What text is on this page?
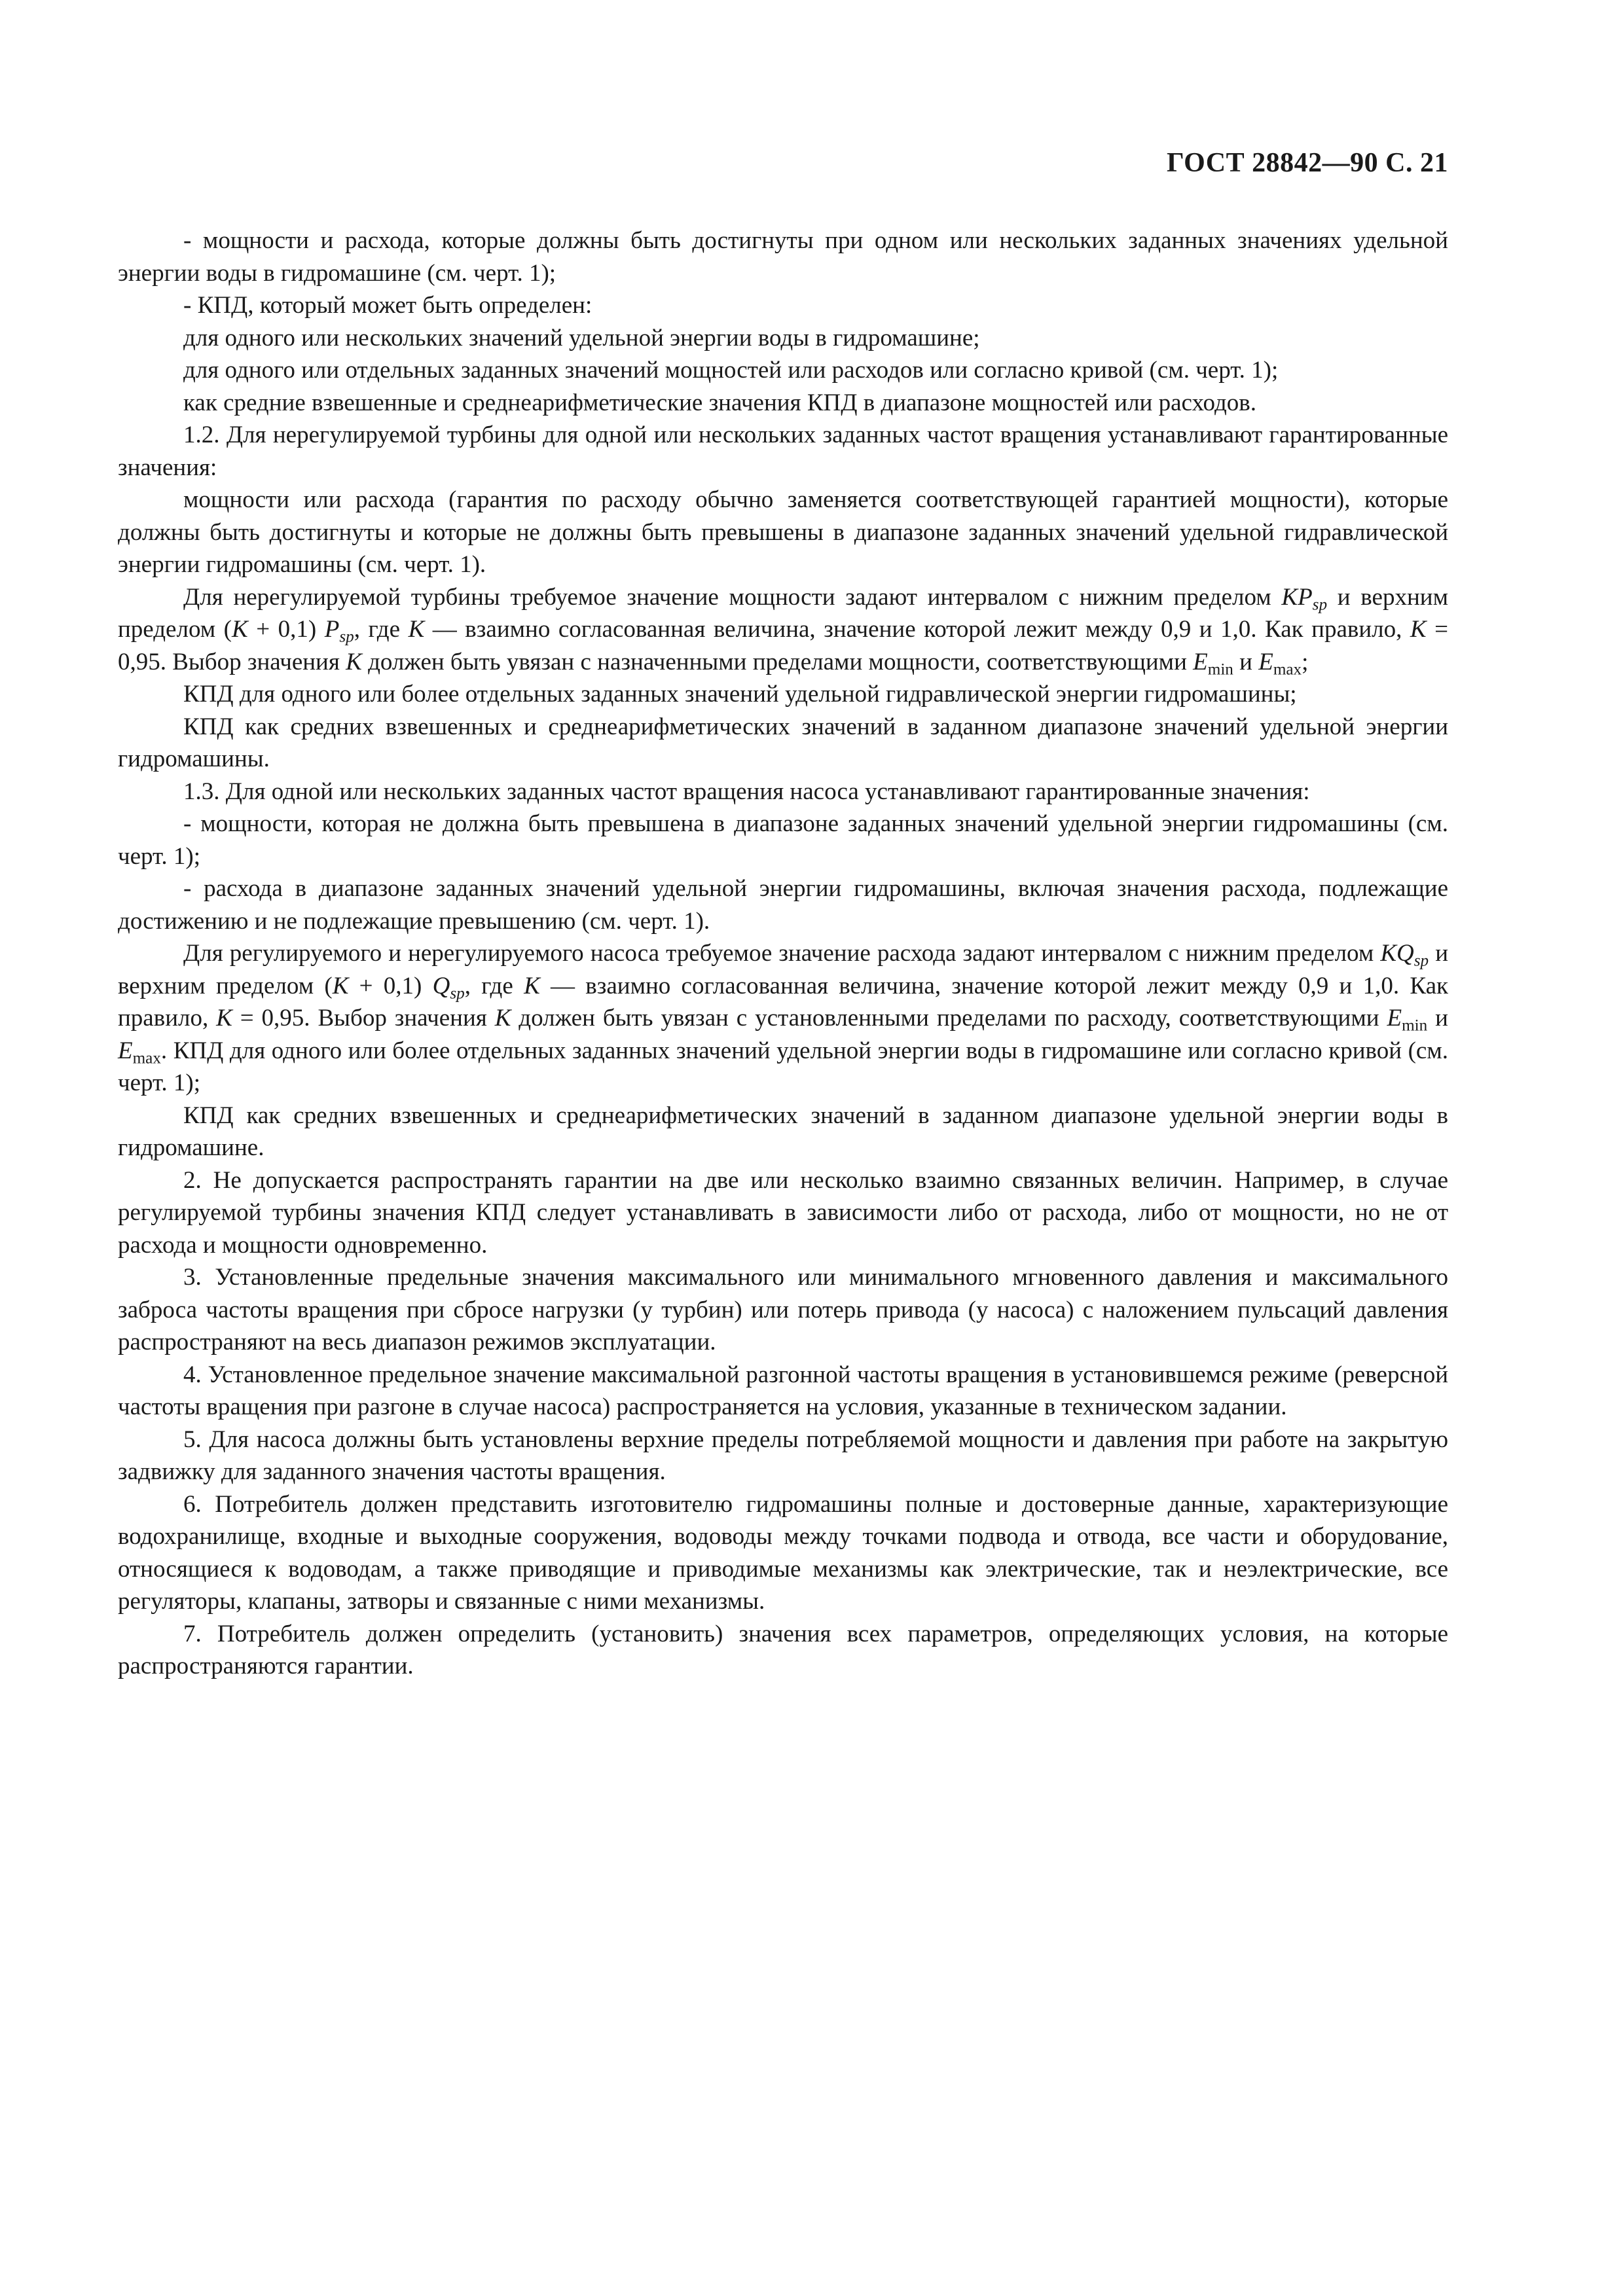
ГОСТ 28842—90 С. 21

- мощности и расхода, которые должны быть достигнуты при одном или нескольких заданных значениях удельной энергии воды в гидромашине (см. черт. 1);

- КПД, который может быть определен:

для одного или нескольких значений удельной энергии воды в гидромашине;

для одного или отдельных заданных значений мощностей или расходов или согласно кривой (см. черт. 1);

как средние взвешенные и среднеарифметические значения КПД в диапазоне мощностей или расходов.

1.2. Для нерегулируемой турбины для одной или нескольких заданных частот вращения устанавливают гарантированные значения:

мощности или расхода (гарантия по расходу обычно заменяется соответствующей гарантией мощности), которые должны быть достигнуты и которые не должны быть превышены в диапазоне заданных значений удельной гидравлической энергии гидромашины (см. черт. 1).

Для нерегулируемой турбины требуемое значение мощности задают интервалом с нижним пределом $KP_{sp}$ и верхним пределом (K + 0,1) $P_{sp}$, где K — взаимно согласованная величина, значение которой лежит между 0,9 и 1,0. Как правило, K = 0,95. Выбор значения K должен быть увязан с назначенными пределами мощности, соответствующими $E_{min}$ и $E_{max}$;

КПД для одного или более отдельных заданных значений удельной гидравлической энергии гидромашины;

КПД как средних взвешенных и среднеарифметических значений в заданном диапазоне значений удельной энергии гидромашины.

1.3. Для одной или нескольких заданных частот вращения насоса устанавливают гарантированные значения:

- мощности, которая не должна быть превышена в диапазоне заданных значений удельной энергии гидромашины (см. черт. 1);

- расхода в диапазоне заданных значений удельной энергии гидромашины, включая значения расхода, подлежащие достижению и не подлежащие превышению (см. черт. 1).

Для регулируемого и нерегулируемого насоса требуемое значение расхода задают интервалом с нижним пределом $KQ_{sp}$ и верхним пределом (K + 0,1) $Q_{sp}$, где K — взаимно согласованная величина, значение которой лежит между 0,9 и 1,0. Как правило, K = 0,95. Выбор значения K должен быть увязан с установленными пределами по расходу, соответствующими $E_{min}$ и $E_{max}$. КПД для одного или более отдельных заданных значений удельной энергии воды в гидромашине или согласно кривой (см. черт. 1);

КПД как средних взвешенных и среднеарифметических значений в заданном диапазоне удельной энергии воды в гидромашине.

2. Не допускается распространять гарантии на две или несколько взаимно связанных величин. Например, в случае регулируемой турбины значения КПД следует устанавливать в зависимости либо от расхода, либо от мощности, но не от расхода и мощности одновременно.

3. Установленные предельные значения максимального или минимального мгновенного давления и максимального заброса частоты вращения при сбросе нагрузки (у турбин) или потерь привода (у насоса) с наложением пульсаций давления распространяют на весь диапазон режимов эксплуатации.

4. Установленное предельное значение максимальной разгонной частоты вращения в установившемся режиме (реверсной частоты вращения при разгоне в случае насоса) распространяется на условия, указанные в техническом задании.

5. Для насоса должны быть установлены верхние пределы потребляемой мощности и давления при работе на закрытую задвижку для заданного значения частоты вращения.

6. Потребитель должен представить изготовителю гидромашины полные и достоверные данные, характеризующие водохранилище, входные и выходные сооружения, водоводы между точками подвода и отвода, все части и оборудование, относящиеся к водоводам, а также приводящие и приводимые механизмы как электрические, так и неэлектрические, все регуляторы, клапаны, затворы и связанные с ними механизмы.

7. Потребитель должен определить (установить) значения всех параметров, определяющих условия, на которые распространяются гарантии.
